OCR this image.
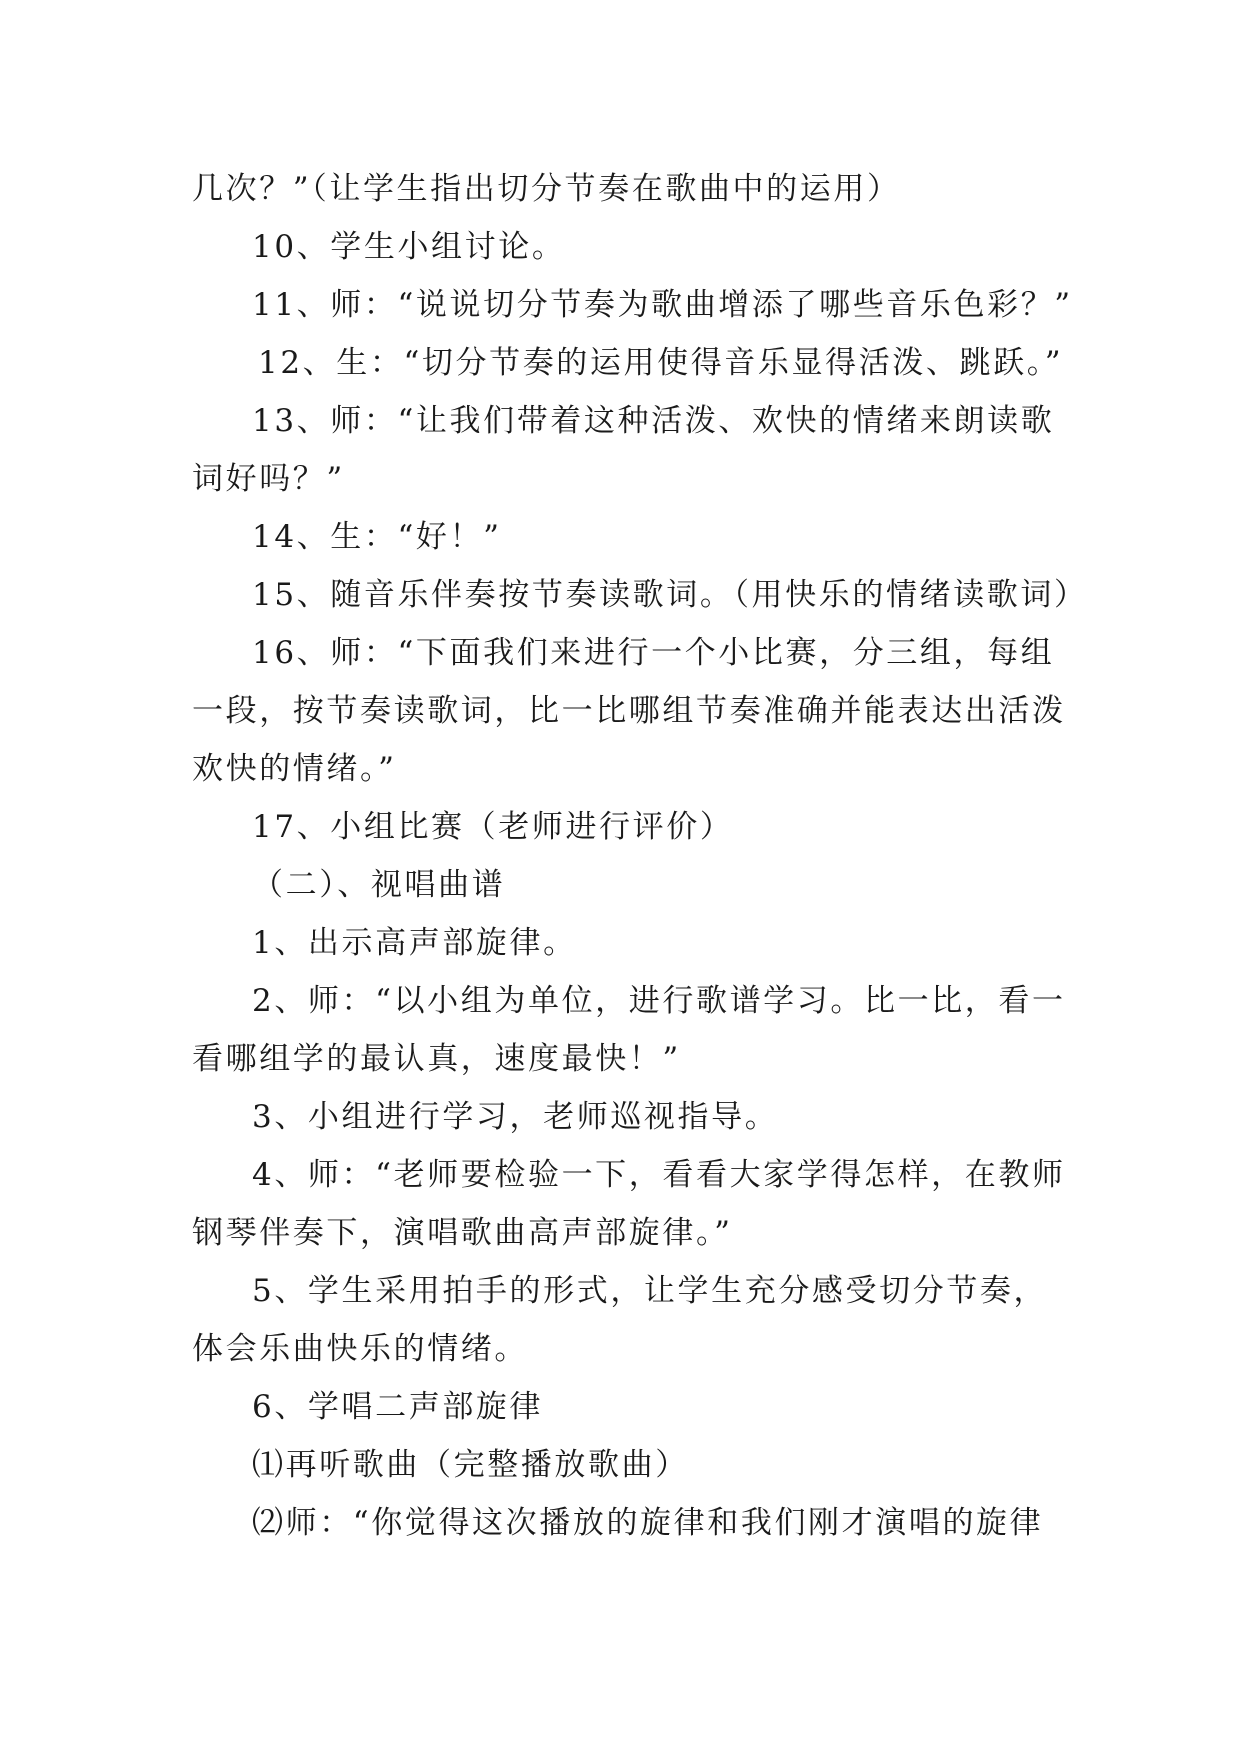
几次？”（让学生指出切分节奏在歌曲中的运用）
10、学生小组讨论。
11、师：“说说切分节奏为歌曲增添了哪些音乐色彩？”
12、生：“切分节奏的运用使得音乐显得活泼、跳跃。”
13、师：“让我们带着这种活泼、欢快的情绪来朗读歌
词好吗？”
14、生：“好！”
15、随音乐伴奏按节奏读歌词。（用快乐的情绪读歌词）
16、师：“下面我们来进行一个小比赛，分三组，每组
一段，按节奏读歌词，比一比哪组节奏准确并能表达出活泼
欢快的情绪。”
17、小组比赛（老师进行评价）
（二）、视唱曲谱
1、出示高声部旋律。
2、师：“以小组为单位，进行歌谱学习。比一比，看一
看哪组学的最认真，速度最快！”
3、小组进行学习，老师巡视指导。
4、师：“老师要检验一下，看看大家学得怎样，在教师
钢琴伴奏下，演唱歌曲高声部旋律。”
5、学生采用拍手的形式，让学生充分感受切分节奏，
体会乐曲快乐的情绪。
6、学唱二声部旋律
⑴再听歌曲（完整播放歌曲）
⑵师：“你觉得这次播放的旋律和我们刚才演唱的旋律
